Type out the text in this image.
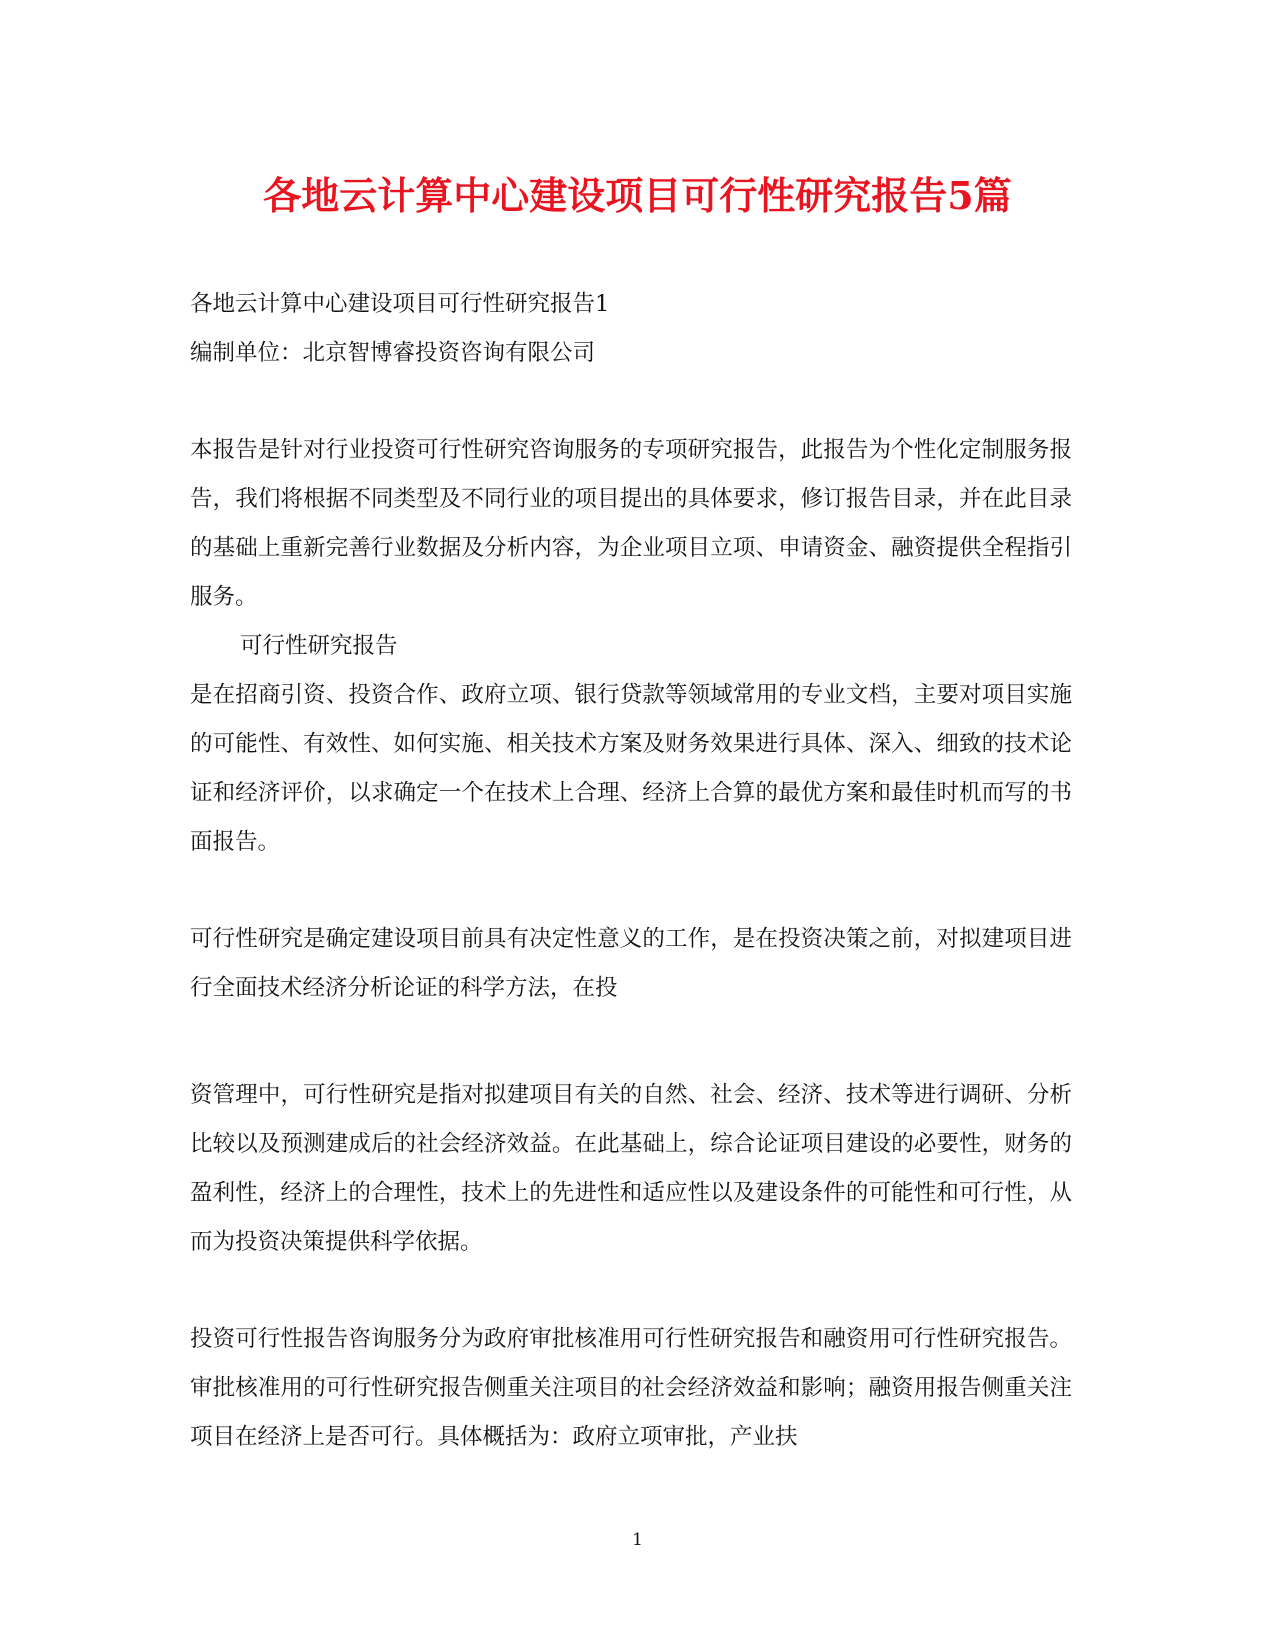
各地云计算中心建设项目可行性研究报告5篇

各地云计算中心建设项目可行性研究报告1

编制单位：北京智博睿投资咨询有限公司

本报告是针对行业投资可行性研究咨询服务的专项研究报告，此报告为个性化定制服务报告，我们将根据不同类型及不同行业的项目提出的具体要求，修订报告目录，并在此目录的基础上重新完善行业数据及分析内容，为企业项目立项、申请资金、融资提供全程指引服务。

可行性研究报告

是在招商引资、投资合作、政府立项、银行贷款等领域常用的专业文档，主要对项目实施的可能性、有效性、如何实施、相关技术方案及财务效果进行具体、深入、细致的技术论证和经济评价，以求确定一个在技术上合理、经济上合算的最优方案和最佳时机而写的书面报告。

可行性研究是确定建设项目前具有决定性意义的工作，是在投资决策之前，对拟建项目进行全面技术经济分析论证的科学方法，在投

资管理中，可行性研究是指对拟建项目有关的自然、社会、经济、技术等进行调研、分析比较以及预测建成后的社会经济效益。在此基础上，综合论证项目建设的必要性，财务的盈利性，经济上的合理性，技术上的先进性和适应性以及建设条件的可能性和可行性，从而为投资决策提供科学依据。

投资可行性报告咨询服务分为政府审批核准用可行性研究报告和融资用可行性研究报告。审批核准用的可行性研究报告侧重关注项目的社会经济效益和影响；融资用报告侧重关注项目在经济上是否可行。具体概括为：政府立项审批，产业扶

1
